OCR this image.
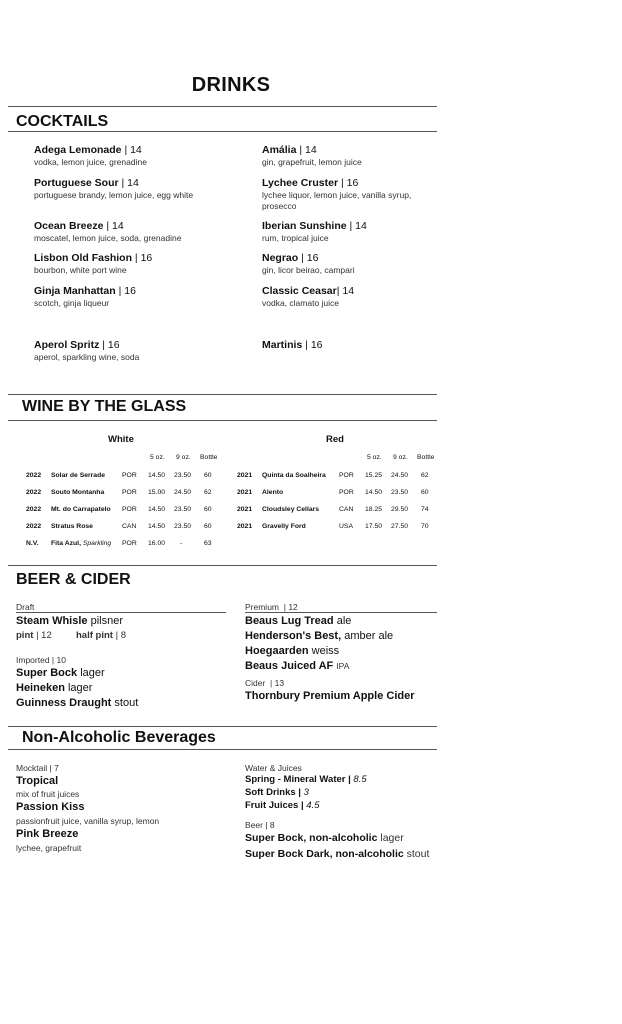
DRINKS
COCKTAILS
Adega Lemonade | 14
vodka, lemon juice, grenadine
Portuguese Sour | 14
portuguese brandy, lemon juice, egg white
Ocean Breeze | 14
moscatel, lemon juice, soda, grenadine
Lisbon Old Fashion | 16
bourbon, white port wine
Ginja Manhattan | 16
scotch, ginja liqueur
Aperol Spritz | 16
aperol, sparkling wine, soda
Amália | 14
gin, grapefruit, lemon juice
Lychee Cruster | 16
lychee liquor, lemon juice, vanilla syrup,
prosecco
Iberian Sunshine | 14
rum, tropical juice
Negrao | 16
gin, licor beirao, campari
Classic Ceasar| 14
vodka, clamato juice
Martinis | 16
WINE BY THE GLASS
White	Red
5 oz. 9 oz. Bottle	5 oz. 9 oz. Bottle
2022 Solar de Serrade POR 14.50 23.50 60
2022 Souto Montanha	POR 15.00 24.50 62
2022 Mt. do Carrapatelo POR 14.50 23.50 60
2022 Stratus Rose	CAN 14.50 23.50 60
N.V. Fita Azul, Sparkling POR 16.00 -	63
2021 Quinta da Soalheira POR 15.25 24.50 62
2021 Alento	POR 14.50 23.50 60
2021 Cloudsley Cellars	CAN 18.25 29.50 74
2021 Gravelly Ford	USA 17.50 27.50 70
BEER & CIDER
Draft
Steam Whisle pilsner
pint | 12	half pint | 8
Imported | 10
Super Bock lager
Heineken lager
Guinness Draught stout
Premium | 12
Beaus Lug Tread ale
Henderson's Best, amber ale
Hoegaarden weiss
Beaus Juiced AF IPA
Cider | 13
Thornbury Premium Apple Cider
Non-Alcoholic Beverages
Mocktail | 7
Tropical
mix of fruit juices
Passion Kiss
passionfruit juice, vanilla syrup, lemon
Pink Breeze
lychee, grapefruit
Water & Juices
Spring - Mineral Water | 8.5
Soft Drinks | 3
Fruit Juices | 4.5
Beer | 8
Super Bock, non-alcoholic lager
Super Bock Dark, non-alcoholic stout
